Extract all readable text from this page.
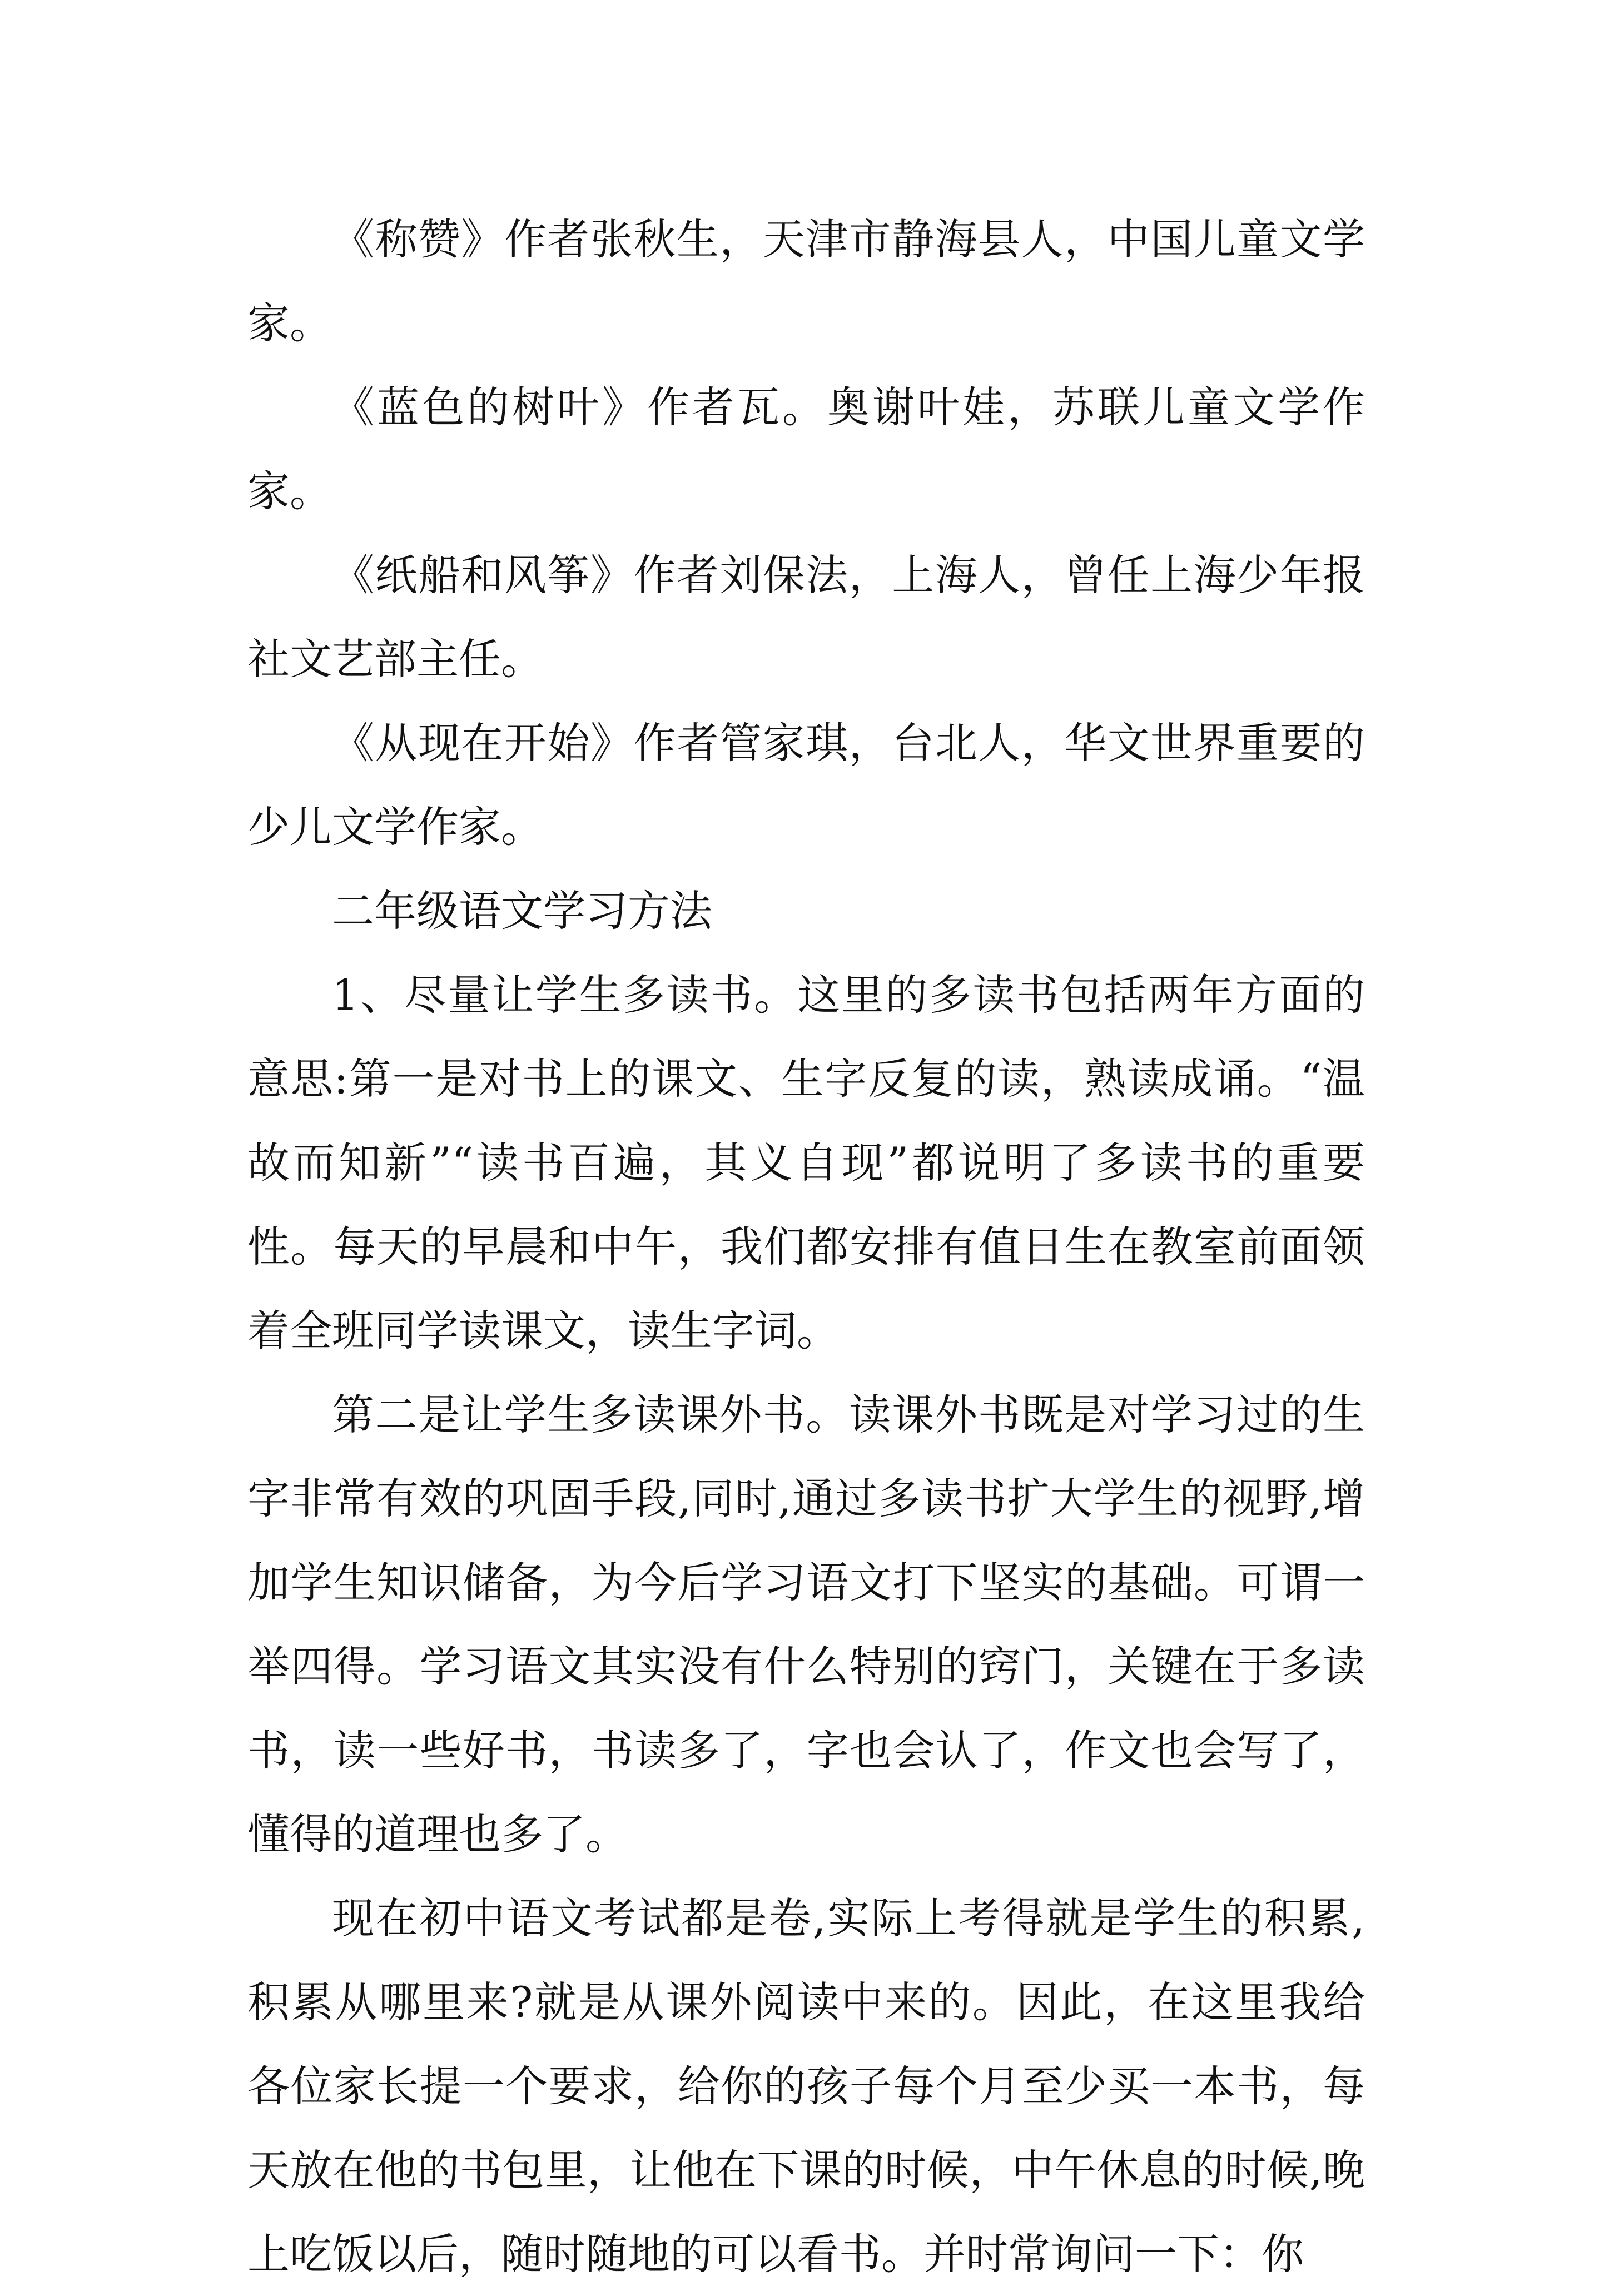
《称赞》作者张秋生，天津市静海县人，中国儿童文学家。

《蓝色的树叶》作者瓦。奥谢叶娃，苏联儿童文学作家。

《纸船和风筝》作者刘保法，上海人，曾任上海少年报社文艺部主任。

《从现在开始》作者管家琪，台北人，华文世界重要的少儿文学作家。

二年级语文学习方法

1、尽量让学生多读书。这里的多读书包括两年方面的意思:第一是对书上的课文、生字反复的读，熟读成诵。“温故而知新”“读书百遍，其义自现”都说明了多读书的重要性。每天的早晨和中午，我们都安排有值日生在教室前面领着全班同学读课文，读生字词。

第二是让学生多读课外书。读课外书既是对学习过的生字非常有效的巩固手段,同时,通过多读书扩大学生的视野,增加学生知识储备，为今后学习语文打下坚实的基础。可谓一举四得。学习语文其实没有什么特别的窍门，关键在于多读书，读一些好书，书读多了，字也会认了，作文也会写了，懂得的道理也多了。

现在初中语文考试都是卷,实际上考得就是学生的积累,积累从哪里来?就是从课外阅读中来的。因此，在这里我给各位家长提一个要求，给你的孩子每个月至少买一本书，每天放在他的书包里，让他在下课的时候，中午休息的时候,晚上吃饭以后，随时随地的可以看书。并时常询问一下：你
